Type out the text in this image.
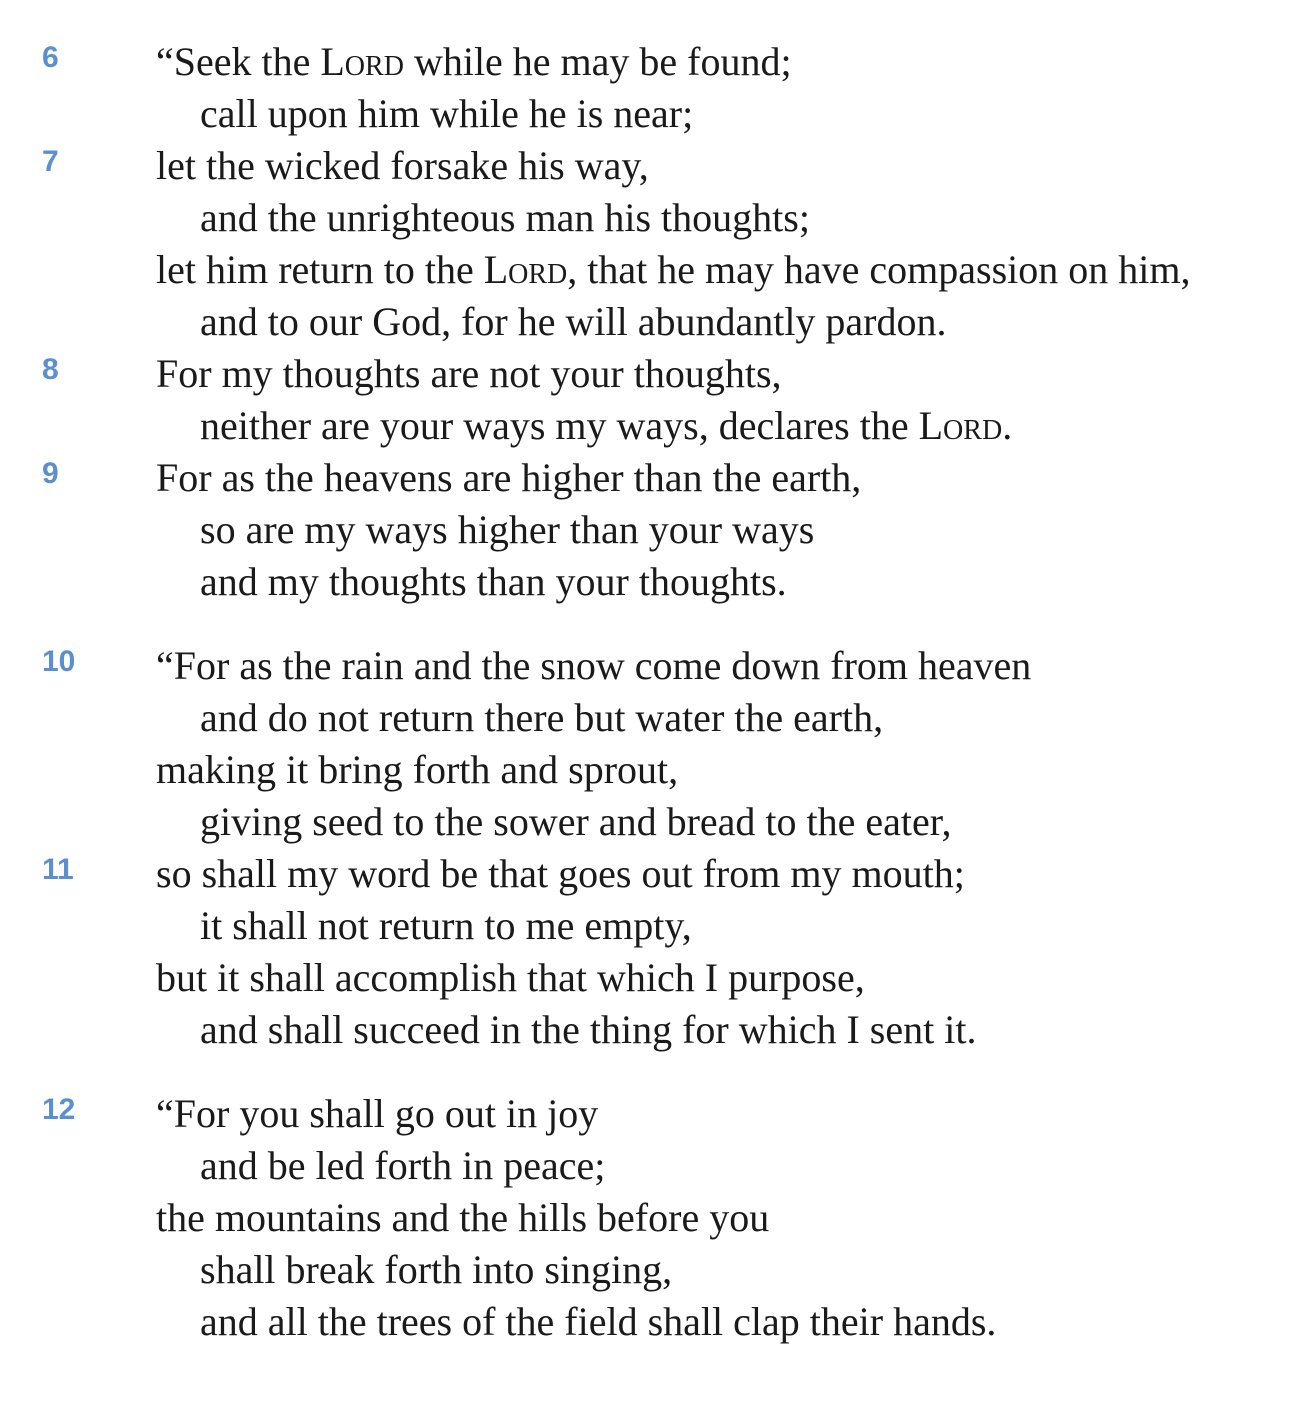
6 “Seek the Lord while he may be found;
call upon him while he is near;
7 let the wicked forsake his way,
and the unrighteous man his thoughts;
let him return to the Lord, that he may have compassion on him,
and to our God, for he will abundantly pardon.
8 For my thoughts are not your thoughts,
neither are your ways my ways, declares the Lord.
9 For as the heavens are higher than the earth,
so are my ways higher than your ways
and my thoughts than your thoughts.
10 “For as the rain and the snow come down from heaven
and do not return there but water the earth,
making it bring forth and sprout,
giving seed to the sower and bread to the eater,
11 so shall my word be that goes out from my mouth;
it shall not return to me empty,
but it shall accomplish that which I purpose,
and shall succeed in the thing for which I sent it.
12 “For you shall go out in joy
and be led forth in peace;
the mountains and the hills before you
shall break forth into singing,
and all the trees of the field shall clap their hands.
